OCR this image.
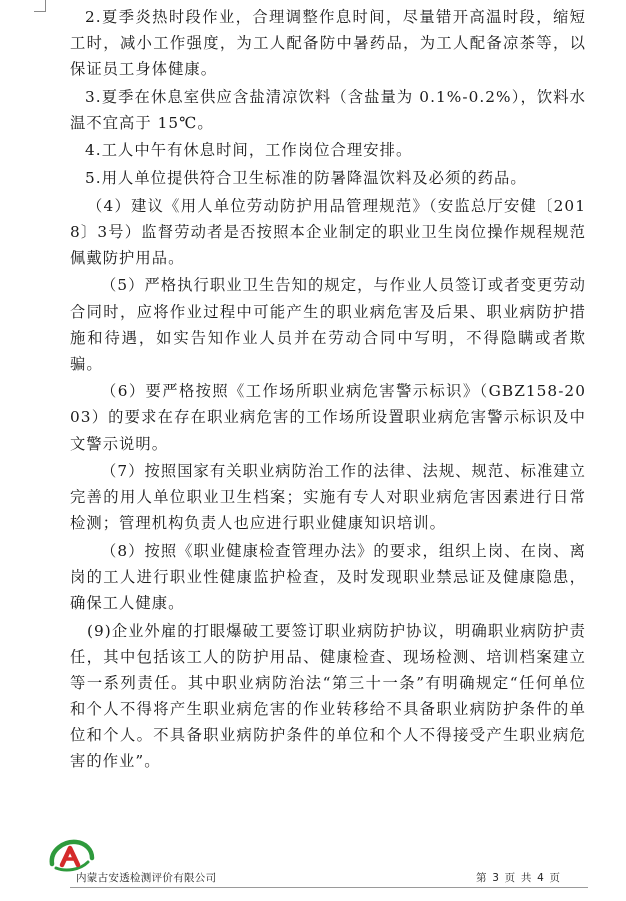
2.夏季炎热时段作业，合理调整作息时间，尽量错开高温时段，缩短工时，减小工作强度，为工人配备防中暑药品，为工人配备凉茶等，以保证员工身体健康。

3.夏季在休息室供应含盐清凉饮料（含盐量为 0.1%-0.2%），饮料水温不宜高于 15℃。

4.工人中午有休息时间，工作岗位合理安排。

5.用人单位提供符合卫生标准的防暑降温饮料及必须的药品。

（4）建议《用人单位劳动防护用品管理规范》（安监总厅安健〔2018〕3号）监督劳动者是否按照本企业制定的职业卫生岗位操作规程规范佩戴防护用品。

（5）严格执行职业卫生告知的规定，与作业人员签订或者变更劳动合同时，应将作业过程中可能产生的职业病危害及后果、职业病防护措施和待遇，如实告知作业人员并在劳动合同中写明，不得隐瞒或者欺骗。

（6）要严格按照《工作场所职业病危害警示标识》（GBZ158-2003）的要求在存在职业病危害的工作场所设置职业病危害警示标识及中文警示说明。

（7）按照国家有关职业病防治工作的法律、法规、规范、标准建立完善的用人单位职业卫生档案；实施有专人对职业病危害因素进行日常检测；管理机构负责人也应进行职业健康知识培训。

（8）按照《职业健康检查管理办法》的要求，组织上岗、在岗、离岗的工人进行职业性健康监护检查，及时发现职业禁忌证及健康隐患，确保工人健康。

(9)企业外雇的打眼爆破工要签订职业病防护协议，明确职业病防护责任，其中包括该工人的防护用品、健康检查、现场检测、培训档案建立等一系列责任。其中职业病防治法“第三十一条”有明确规定“任何单位和个人不得将产生职业病危害的作业转移给不具备职业病防护条件的单位和个人。不具备职业病防护条件的单位和个人不得接受产生职业病危害的作业”。

内蒙古安透检测评价有限公司	第 3 页 共 4 页
